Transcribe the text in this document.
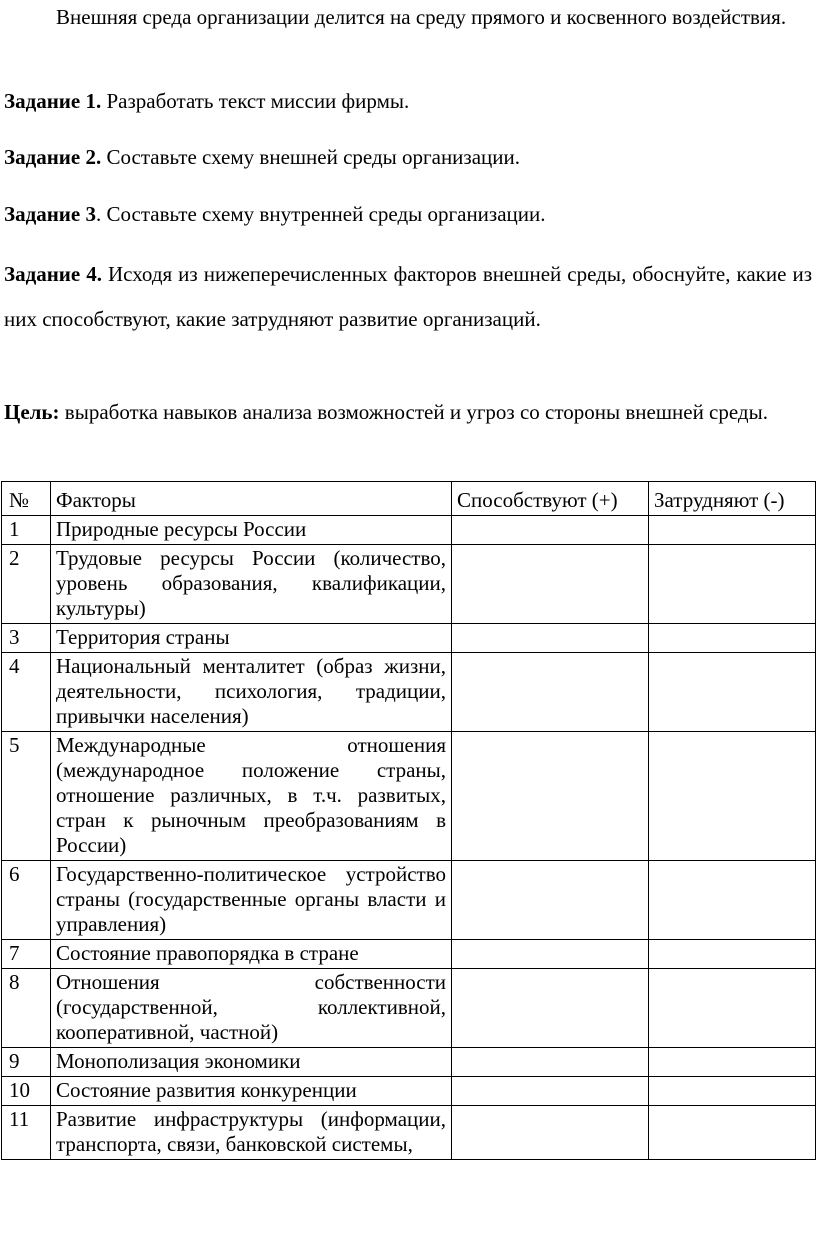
Внешняя среда организации делится на среду прямого и косвенного воздействия.

Задание 1. Разработать текст миссии фирмы.

Задание 2. Составьте схему внешней среды организации.

Задание 3. Составьте схему внутренней среды организации.

Задание 4. Исходя из нижеперечисленных факторов внешней среды, обоснуйте, какие из них способствуют, какие затрудняют развитие организаций.

Цель: выработка навыков анализа возможностей и угроз со стороны внешней среды.

№	Факторы	Способствуют (+)	Затрудняют (-)
1	Природные ресурсы России		
2	Трудовые ресурсы России (количество, уровень образования, квалификации, культуры)		
3	Территория страны		
4	Национальный менталитет (образ жизни, деятельности, психология, традиции, привычки населения)		
5	Международные отношения (международное положение страны, отношение различных, в т.ч. развитых, стран к рыночным преобразованиям в России)		
6	Государственно-политическое устройство страны (государственные органы власти и управления)		
7	Состояние правопорядка в стране		
8	Отношения собственности (государственной, коллективной, кооперативной, частной)		
9	Монополизация экономики		
10	Состояние развития конкуренции		
11	Развитие инфраструктуры (информации, транспорта, связи, банковской системы,		
